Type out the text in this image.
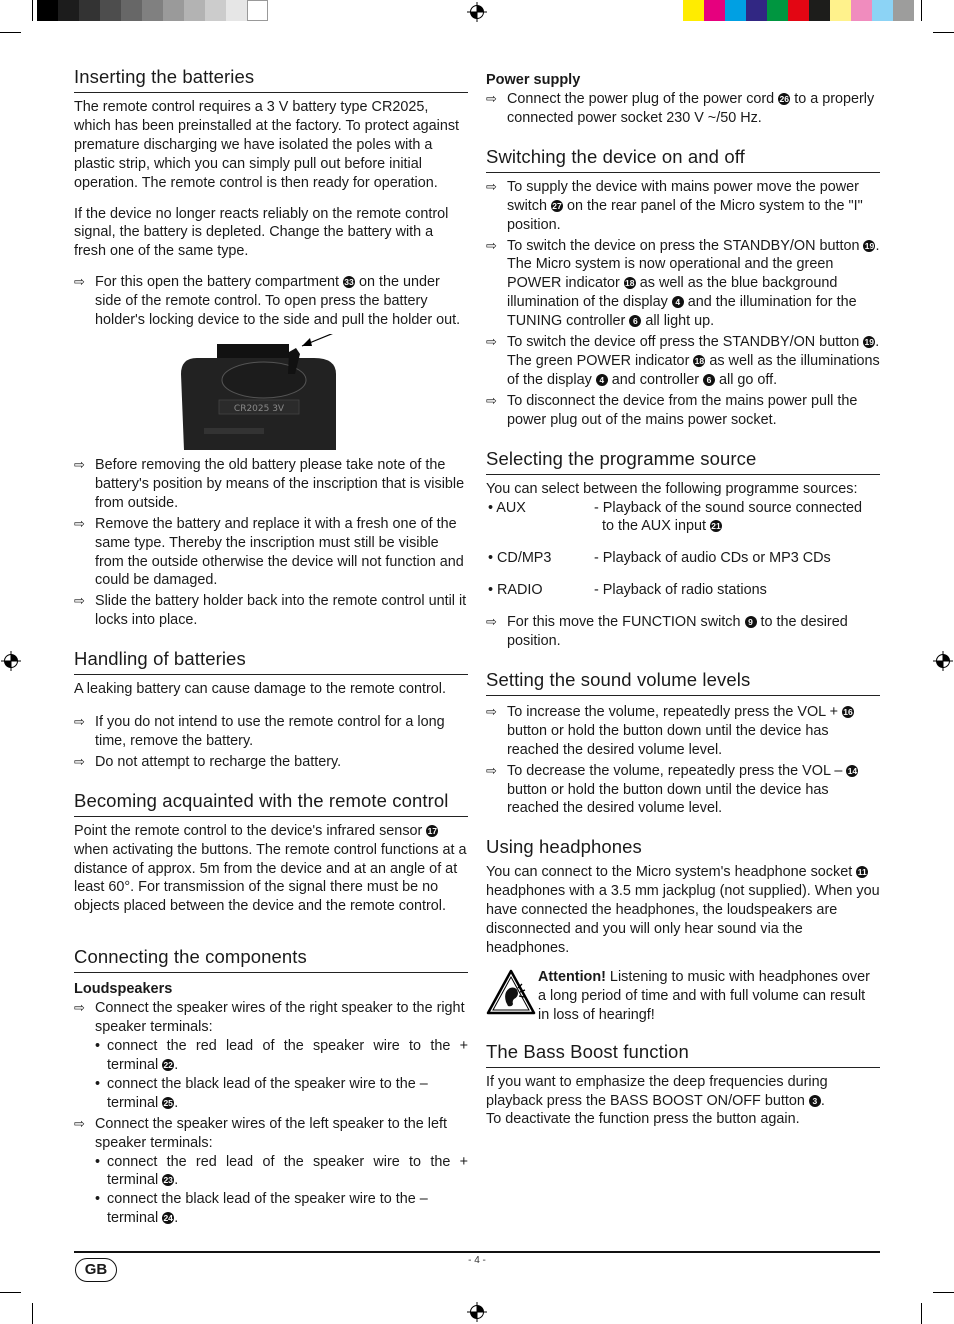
Inserting the batteries

The remote control requires a 3 V battery type CR2025, which has been preinstalled at the factory. To protect against premature discharging we have isolated the poles with a plastic strip, which you can simply pull out before initial operation. The remote control is then ready for operation.

If the device no longer reacts reliably on the remote control signal, the battery is depleted. Change the battery with a fresh one of the same type.

⇨ For this open the battery compartment 33 on the under side of the remote control. To open press the battery holder's locking device to the side and pull the holder out.
CR2025 3V
⇨ Before removing the old battery please take note of the battery's position by means of the inscription that is visible from outside.
⇨ Remove the battery and replace it with a fresh one of the same type. Thereby the inscription must still be visible from the outside otherwise the device will not function and could be damaged.
⇨ Slide the battery holder back into the remote control until it locks into place.
Handling of batteries

A leaking battery can cause damage to the remote control.

⇨ If you do not intend to use the remote control for a long time, remove the battery.
⇨ Do not attempt to recharge the battery.
Becoming acquainted with the remote control

Point the remote control to the device's infrared sensor 17 when activating the buttons. The remote control functions at a distance of approx. 5m from the device and at an angle of at least 60°. For transmission of the signal there must be no objects placed between the device and the remote control.

Connecting the components
Loudspeakers
⇨ Connect the speaker wires of the right speaker to the right speaker terminals:
• connect the red lead of the speaker wire to the + terminal 22.
• connect the black lead of the speaker wire to the – terminal 25.
⇨ Connect the speaker wires of the left speaker to the left speaker terminals:
• connect the red lead of the speaker wire to the + terminal 23.
• connect the black lead of the speaker wire to the – terminal 24.
Power supply
⇨ Connect the power plug of the power cord 26 to a properly connected power socket 230 V ~/50 Hz.
Switching the device on and off
⇨ To supply the device with mains power move the power switch 27 on the rear panel of the Micro system to the "I" position.
⇨ To switch the device on press the STANDBY/ON button 19. The Micro system is now operational and the green POWER indicator 18 as well as the blue background illumination of the display 4 and the illumination for the TUNING controller 6 all light up.
⇨ To switch the device off press the STANDBY/ON button 19. The green POWER indicator 18 as well as the illuminations of the display 4 and controller 6 all go off.
⇨ To disconnect the device from the mains power pull the power plug out of the mains power socket.
Selecting the programme source

You can select between the following programme sources:

• AUX	- Playback of the sound source connected
to the AUX input 21
• CD/MP3	- Playback of audio CDs or MP3 CDs
• RADIO	- Playback of radio stations
⇨ For this move the FUNCTION switch 9 to the desired position.
Setting the sound volume levels
⇨ To increase the volume, repeatedly press the VOL + 16 button or hold the button down until the device has reached the desired volume level.
⇨ To decrease the volume, repeatedly press the VOL – 14 button or hold the button down until the device has reached the desired volume level.
Using headphones

You can connect to the Micro system's headphone socket 11 headphones with a 3.5 mm jackplug (not supplied). When you have connected the headphones, the loudspeakers are disconnected and you will only hear sound via the headphones.

Attention! Listening to music with headphones over a long period of time and with full volume can result in loss of hearingf!

The Bass Boost function

If you want to emphasize the deep frequencies during playback press the BASS BOOST ON/OFF button 3 .
To deactivate the function press the button again.

- 4 -
GB
